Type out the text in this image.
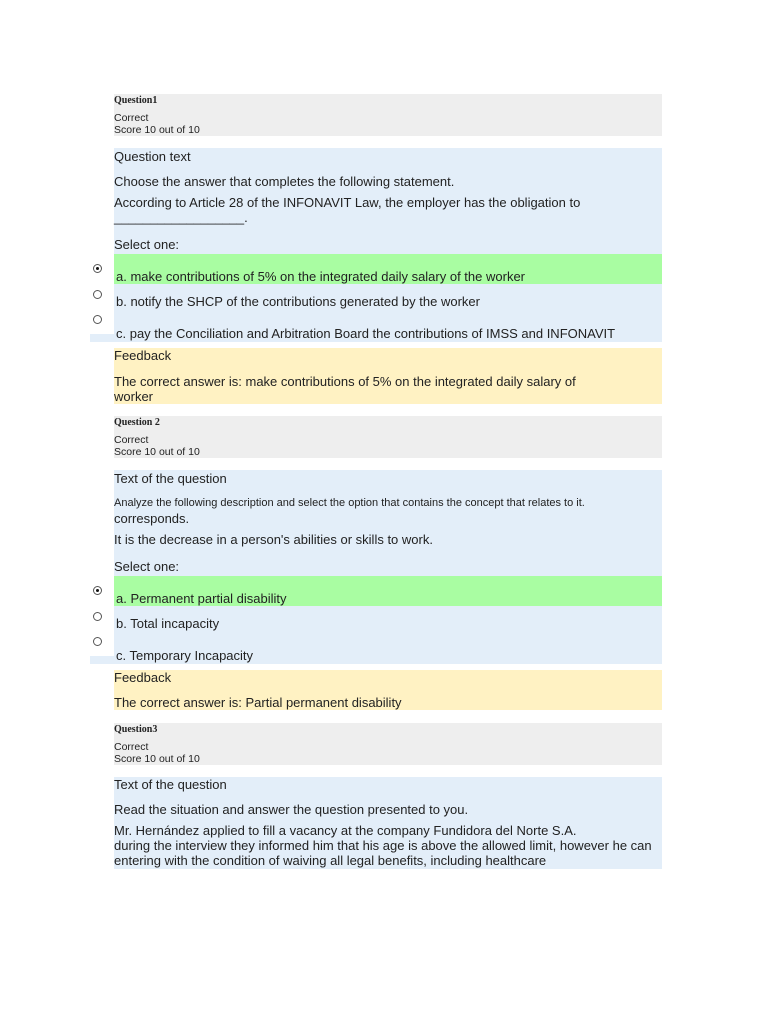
Question1
Correct
Score 10 out of 10
Question text
Choose the answer that completes the following statement.
According to Article 28 of the INFONAVIT Law, the employer has the obligation to
__________________.
Select one:
a. make contributions of 5% on the integrated daily salary of the worker
b. notify the SHCP of the contributions generated by the worker
c. pay the Conciliation and Arbitration Board the contributions of IMSS and INFONAVIT
Feedback
The correct answer is: make contributions of 5% on the integrated daily salary of
worker
Question 2
Correct
Score 10 out of 10
Text of the question
Analyze the following description and select the option that contains the concept that relates to it.
corresponds.
It is the decrease in a person's abilities or skills to work.
Select one:
a. Permanent partial disability
b. Total incapacity
c. Temporary Incapacity
Feedback
The correct answer is: Partial permanent disability
Question3
Correct
Score 10 out of 10
Text of the question
Read the situation and answer the question presented to you.
Mr. Hernández applied to fill a vacancy at the company Fundidora del Norte S.A.
during the interview they informed him that his age is above the allowed limit, however he can
entering with the condition of waiving all legal benefits, including healthcare
